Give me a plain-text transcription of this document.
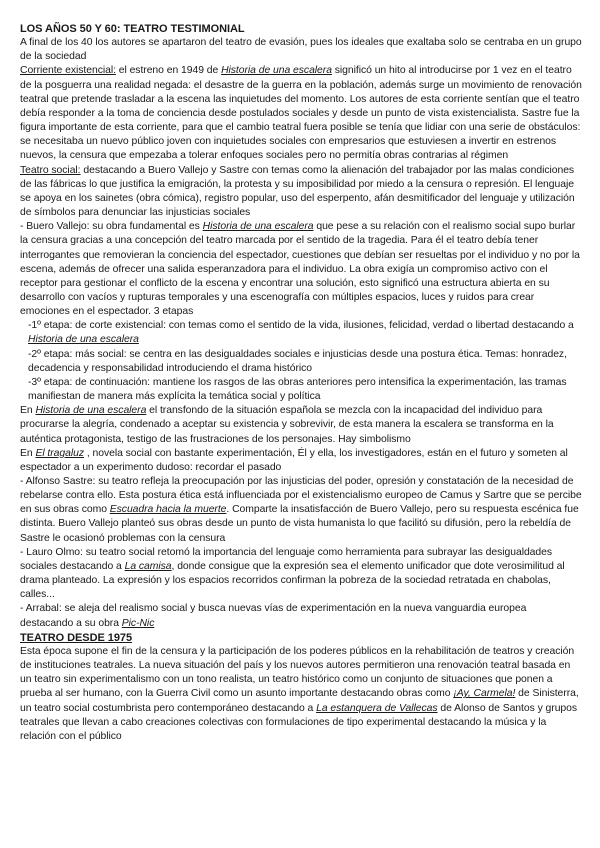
LOS AÑOS 50 Y 60: TEATRO TESTIMONIAL

A final de los 40 los autores se apartaron del teatro de evasión, pues los ideales que exaltaba solo se centraba en un grupo de la sociedad

Corriente existencial: el estreno en 1949 de Historia de una escalera significó un hito al introducirse por 1 vez en el teatro de la posguerra una realidad negada: el desastre de la guerra en la población, además surge un movimiento de renovación teatral que pretende trasladar a la escena las inquietudes del momento. Los autores de esta corriente sentían que el teatro debía responder a la toma de conciencia desde postulados sociales y desde un punto de vista existencialista. Sastre fue la figura importante de esta corriente, para que el cambio teatral fuera posible se tenía que lidiar con una serie de obstáculos: se necesitaba un nuevo público joven con inquietudes sociales con empresarios que estuviesen a invertir en estrenos nuevos, la censura que empezaba a tolerar enfoques sociales pero no permitía obras contrarias al régimen

Teatro social: destacando a Buero Vallejo y Sastre con temas como la alienación del trabajador por las malas condiciones de las fábricas lo que justifica la emigración, la protesta y su imposibilidad por miedo a la censura o represión. El lenguaje se apoya en los sainetes (obra cómica), registro popular, uso del esperpento, afán desmitificador del lenguaje y utilización de símbolos para denunciar las injusticias sociales

- Buero Vallejo: su obra fundamental es Historia de una escalera que pese a su relación con el realismo social supo burlar la censura gracias a una concepción del teatro marcada por el sentido de la tragedia. Para él el teatro debía tener interrogantes que removieran la conciencia del espectador, cuestiones que debían ser resueltas por el individuo y no por la escena, además de ofrecer una salida esperanzadora para el individuo. La obra exigía un compromiso activo con el receptor para gestionar el conflicto de la escena y encontrar una solución, esto significó una estructura abierta en su desarrollo con vacíos y rupturas temporales y una escenografía con múltiples espacios, luces y ruidos para crear emociones en el espectador. 3 etapas

-1º etapa: de corte existencial: con temas como el sentido de la vida, ilusiones, felicidad, verdad o libertad destacando a Historia de una escalera

-2º etapa: más social: se centra en las desigualdades sociales e injusticias desde una postura ética. Temas: honradez, decadencia y responsabilidad introduciendo el drama histórico

-3º etapa: de continuación: mantiene los rasgos de las obras anteriores pero intensifica la experimentación, las tramas manifiestan de manera más explícita la temática social y política

En Historia de una escalera el transfondo de la situación española se mezcla con la incapacidad del individuo para procurarse la alegría, condenado a aceptar su existencia y sobrevivir, de esta manera la escalera se transforma en la auténtica protagonista, testigo de las frustraciones de los personajes. Hay simbolismo

En El tragaluz , novela social con bastante experimentación, Él y ella, los investigadores, están en el futuro y someten al espectador a un experimento dudoso: recordar el pasado

- Alfonso Sastre: su teatro refleja la preocupación por las injusticias del poder, opresión y constatación de la necesidad de rebelarse contra ello. Esta postura ética está influenciada por el existencialismo europeo de Camus y Sartre que se percibe en sus obras como Escuadra hacia la muerte. Comparte la insatisfacción de Buero Vallejo, pero su respuesta escénica fue distinta. Buero Vallejo planteó sus obras desde un punto de vista humanista lo que facilitó su difusión, pero la rebeldía de Sastre le ocasionó problemas con la censura

- Lauro Olmo: su teatro social retomó la importancia del lenguaje como herramienta para subrayar las desigualdades sociales destacando a La camisa, donde consigue que la expresión sea el elemento unificador que dote verosimilitud al drama planteado. La expresión y los espacios recorridos confirman la pobreza de la sociedad retratada en chabolas, calles...

- Arrabal: se aleja del realismo social y busca nuevas vías de experimentación en la nueva vanguardia europea destacando a su obra Pic-Nic

TEATRO DESDE 1975

Esta época supone el fin de la censura y la participación de los poderes públicos en la rehabilitación de teatros y creación de instituciones teatrales. La nueva situación del país y los nuevos autores permitieron una renovación teatral basada en un teatro sin experimentalismo con un tono realista, un teatro histórico como un conjunto de situaciones que ponen a prueba al ser humano, con la Guerra Civil como un asunto importante destacando obras como ¡Ay, Carmela! de Sinisterra, un teatro social costumbrista pero contemporáneo destacando a La estanquera de Vallecas de Alonso de Santos y grupos teatrales que llevan a cabo creaciones colectivas con formulaciones de tipo experimental destacando la música y la relación con el público
